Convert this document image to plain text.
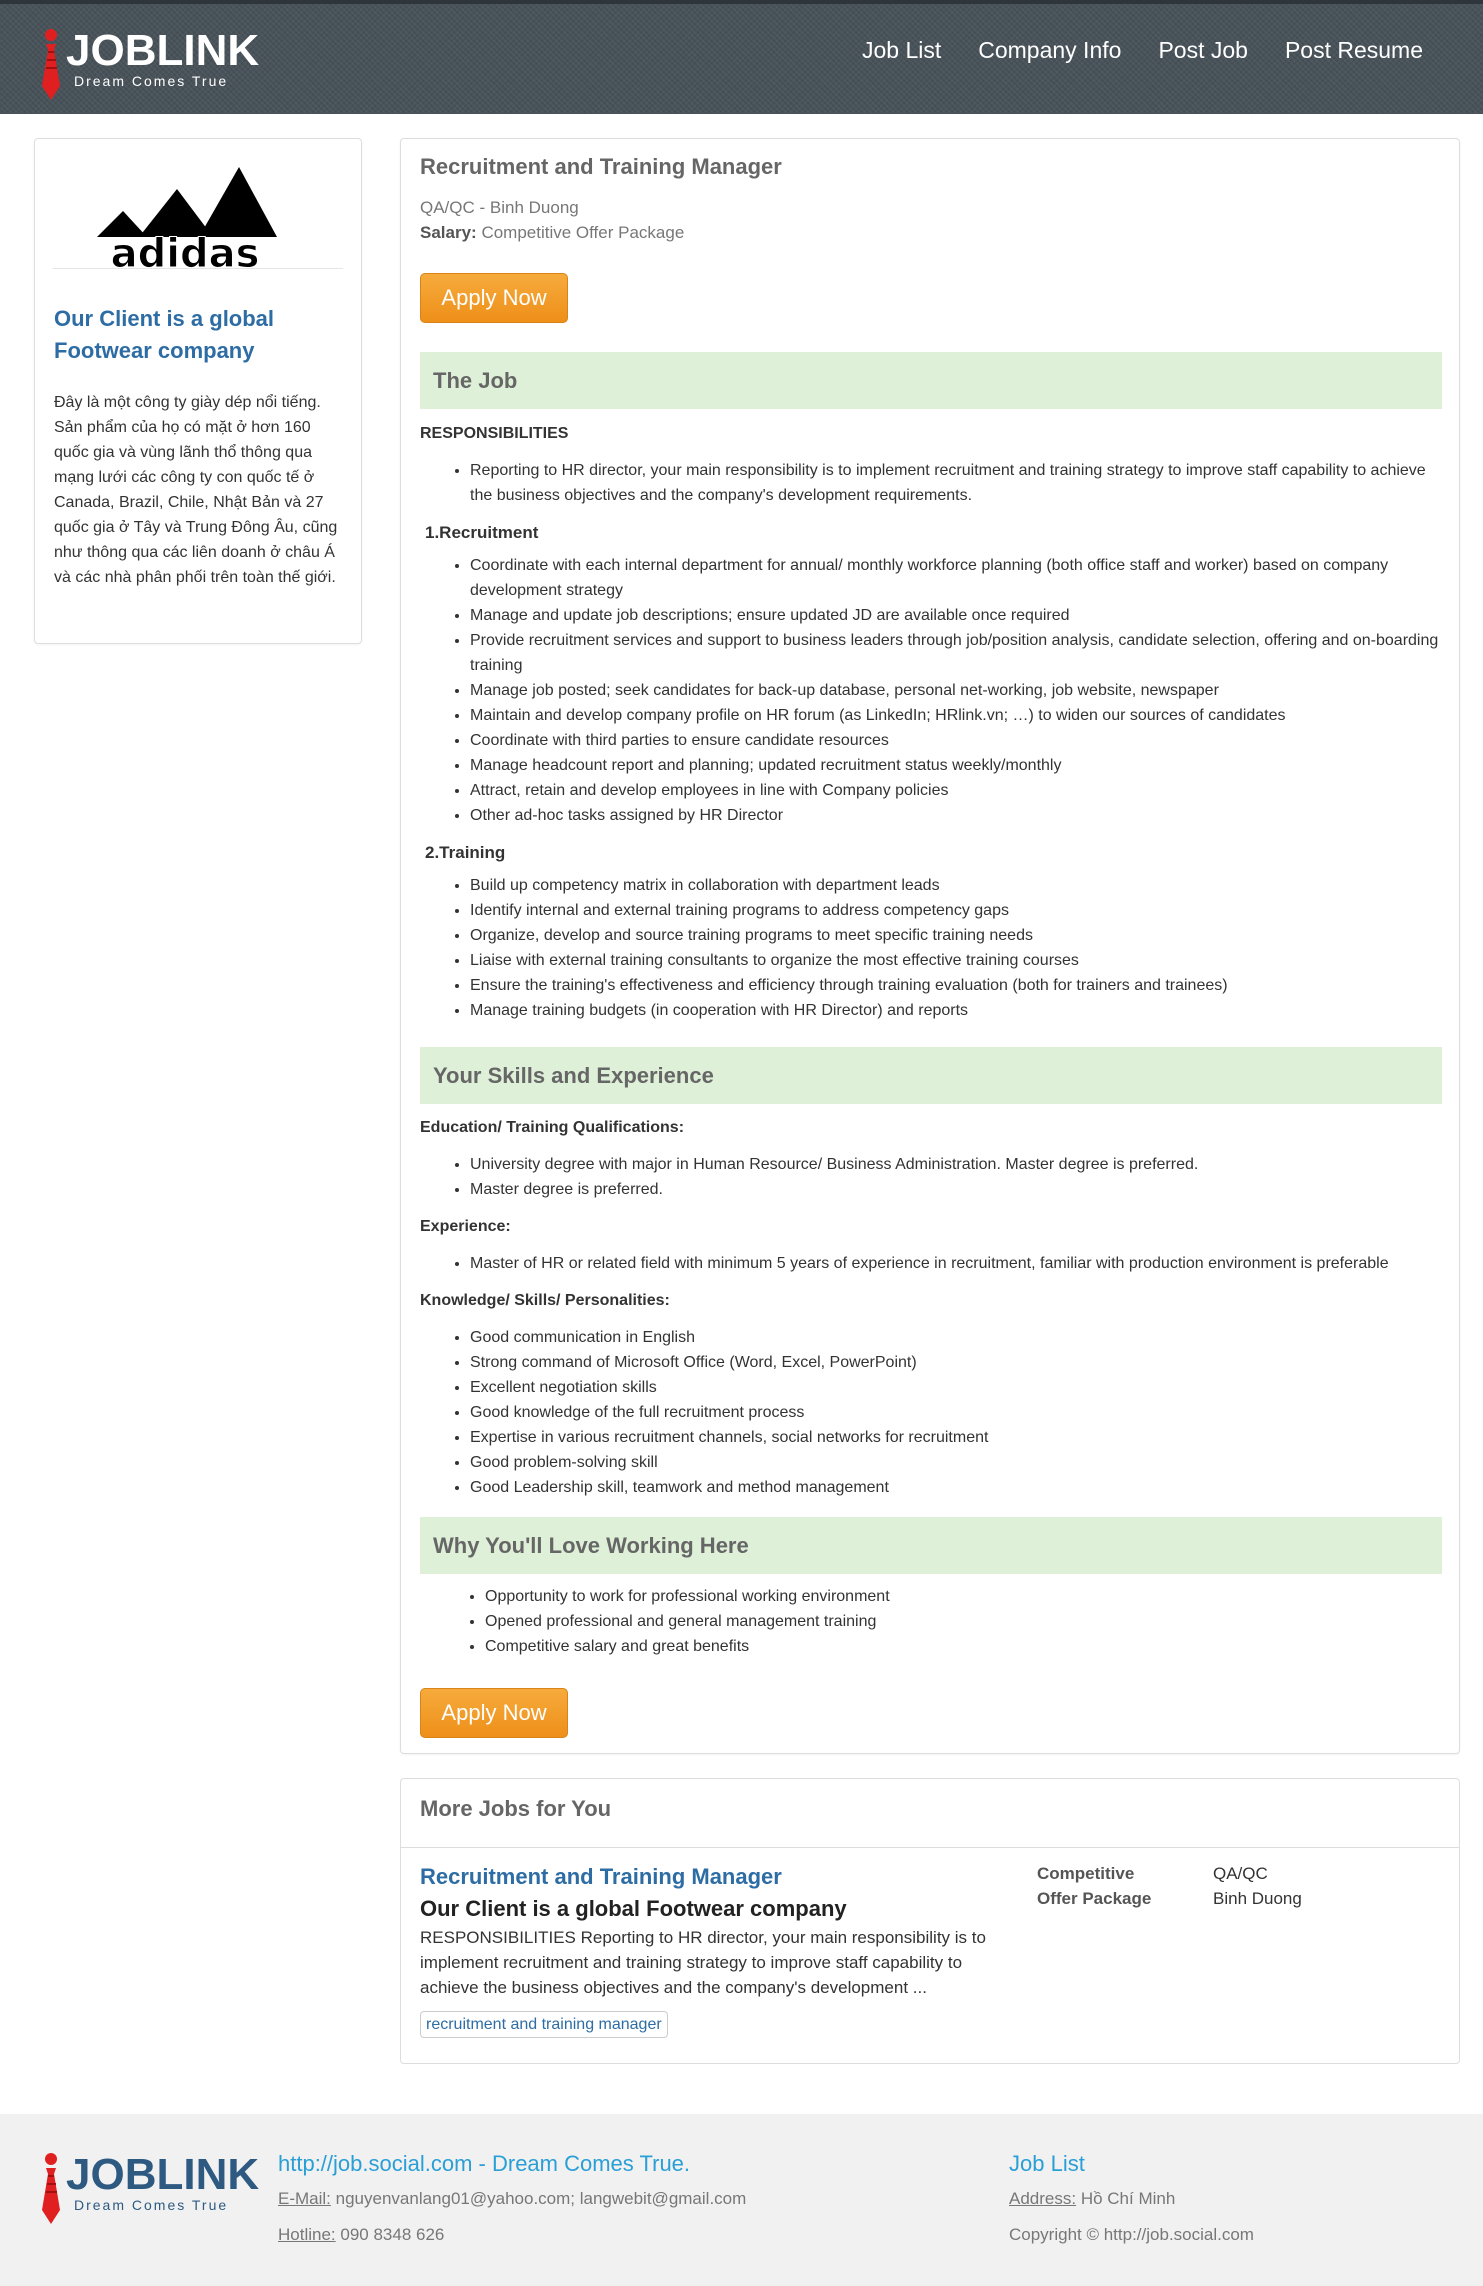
JOBLINK
Dream Comes True
Job List Company Info Post Job Post Resume
adidas
Our Client is a global Footwear company

Đây là một công ty giày dép nổi tiếng. Sản phẩm của họ có mặt ở hơn 160 quốc gia và vùng lãnh thổ thông qua mạng lưới các công ty con quốc tế ở Canada, Brazil, Chile, Nhật Bản và 27 quốc gia ở Tây và Trung Đông Âu, cũng như thông qua các liên doanh ở châu Á và các nhà phân phối trên toàn thế giới.

Recruitment and Training Manager
QA/QC - Binh Duong
Salary: Competitive Offer Package
Apply Now
The Job
RESPONSIBILITIES
• Reporting to HR director, your main responsibility is to implement recruitment and training strategy to improve staff capability to achieve the business objectives and the company's development requirements.
1.Recruitment
• Coordinate with each internal department for annual/ monthly workforce planning (both office staff and worker) based on company development strategy
• Manage and update job descriptions; ensure updated JD are available once required
• Provide recruitment services and support to business leaders through job/position analysis, candidate selection, offering and on-boarding training
• Manage job posted; seek candidates for back-up database, personal net-working, job website, newspaper
• Maintain and develop company profile on HR forum (as LinkedIn; HRlink.vn; …) to widen our sources of candidates
• Coordinate with third parties to ensure candidate resources
• Manage headcount report and planning; updated recruitment status weekly/monthly
• Attract, retain and develop employees in line with Company policies
• Other ad-hoc tasks assigned by HR Director
2.Training
• Build up competency matrix in collaboration with department leads
• Identify internal and external training programs to address competency gaps
• Organize, develop and source training programs to meet specific training needs
• Liaise with external training consultants to organize the most effective training courses
• Ensure the training's effectiveness and efficiency through training evaluation (both for trainers and trainees)
• Manage training budgets (in cooperation with HR Director) and reports
Your Skills and Experience
Education/ Training Qualifications:
• University degree with major in Human Resource/ Business Administration. Master degree is preferred.
• Master degree is preferred.
Experience:
• Master of HR or related field with minimum 5 years of experience in recruitment, familiar with production environment is preferable
Knowledge/ Skills/ Personalities:
• Good communication in English
• Strong command of Microsoft Office (Word, Excel, PowerPoint)
• Excellent negotiation skills
• Good knowledge of the full recruitment process
• Expertise in various recruitment channels, social networks for recruitment
• Good problem-solving skill
• Good Leadership skill, teamwork and method management
Why You'll Love Working Here
• Opportunity to work for professional working environment
• Opened professional and general management training
• Competitive salary and great benefits
Apply Now
More Jobs for You
Recruitment and Training Manager
Our Client is a global Footwear company
RESPONSIBILITIES Reporting to HR director, your main responsibility is to implement recruitment and training strategy to improve staff capability to achieve the business objectives and the company's development ...
recruitment and training manager
Competitive Offer Package
QA/QC
Binh Duong
JOBLINK
Dream Comes True
http://job.social.com - Dream Comes True.
E-Mail: nguyenvanlang01@yahoo.com; langwebit@gmail.com
Hotline: 090 8348 626
Job List
Address: Hồ Chí Minh
Copyright © http://job.social.com
